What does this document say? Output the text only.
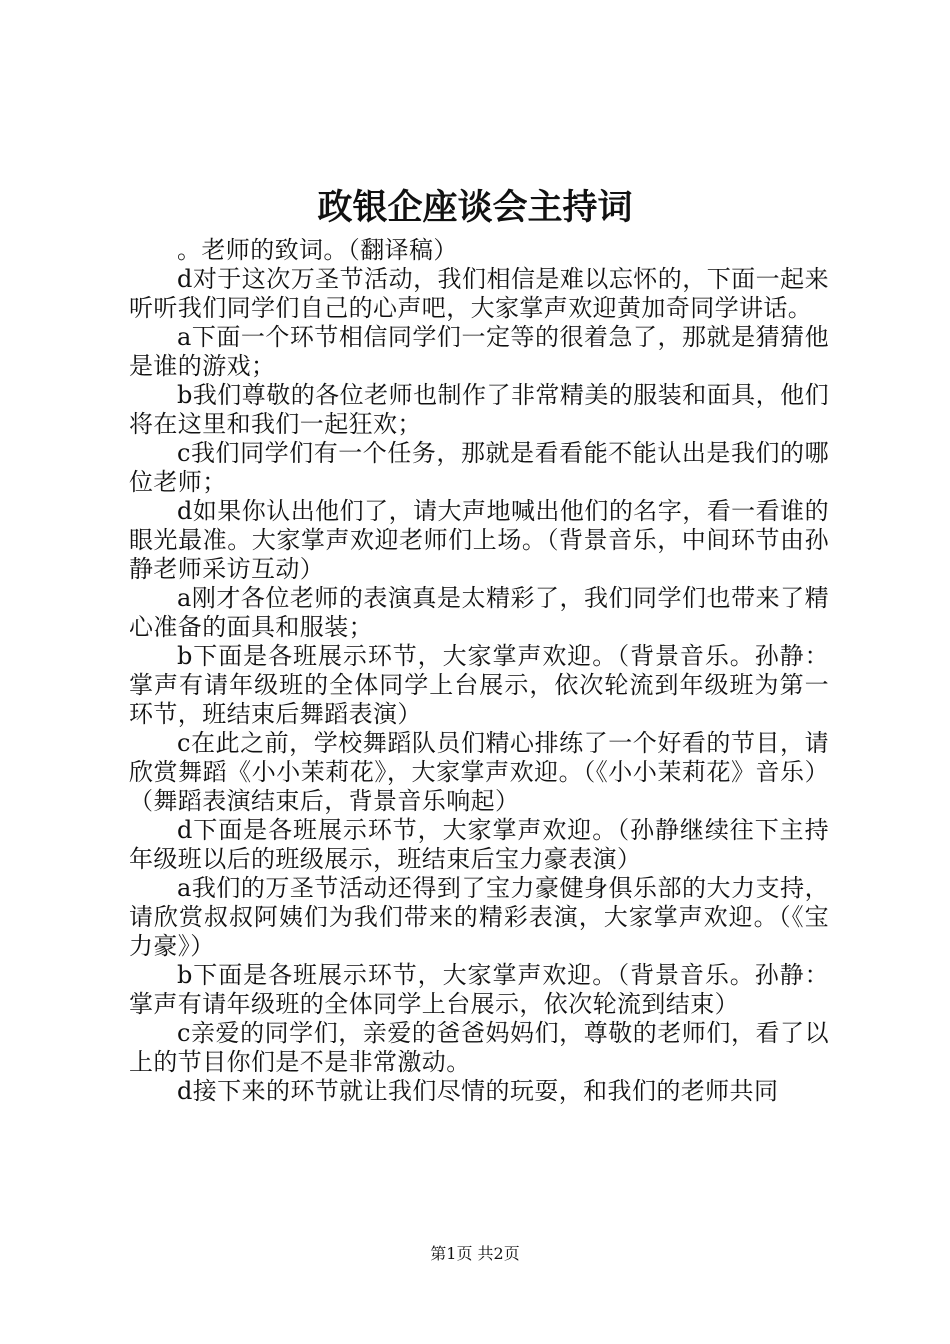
政银企座谈会主持词

。老师的致词。（翻译稿）

d对于这次万圣节活动，我们相信是难以忘怀的，下面一起来听听我们同学们自己的心声吧，大家掌声欢迎黄加奇同学讲话。

a下面一个环节相信同学们一定等的很着急了，那就是猜猜他是谁的游戏；

b我们尊敬的各位老师也制作了非常精美的服装和面具，他们将在这里和我们一起狂欢；

c我们同学们有一个任务，那就是看看能不能认出是我们的哪位老师；

d如果你认出他们了，请大声地喊出他们的名字，看一看谁的眼光最准。大家掌声欢迎老师们上场。（背景音乐，中间环节由孙静老师采访互动）

a刚才各位老师的表演真是太精彩了，我们同学们也带来了精心准备的面具和服装；

b下面是各班展示环节，大家掌声欢迎。（背景音乐。孙静：掌声有请年级班的全体同学上台展示，依次轮流到年级班为第一环节，班结束后舞蹈表演）

c在此之前，学校舞蹈队员们精心排练了一个好看的节目，请欣赏舞蹈《小小茉莉花》，大家掌声欢迎。（《小小茉莉花》音乐）（舞蹈表演结束后，背景音乐响起）

d下面是各班展示环节，大家掌声欢迎。（孙静继续往下主持年级班以后的班级展示，班结束后宝力豪表演）

a我们的万圣节活动还得到了宝力豪健身俱乐部的大力支持，请欣赏叔叔阿姨们为我们带来的精彩表演，大家掌声欢迎。（《宝力豪》）

b下面是各班展示环节，大家掌声欢迎。（背景音乐。孙静：掌声有请年级班的全体同学上台展示，依次轮流到结束）

c亲爱的同学们，亲爱的爸爸妈妈们，尊敬的老师们，看了以上的节目你们是不是非常激动。

d接下来的环节就让我们尽情的玩耍，和我们的老师共同

第1页 共2页
